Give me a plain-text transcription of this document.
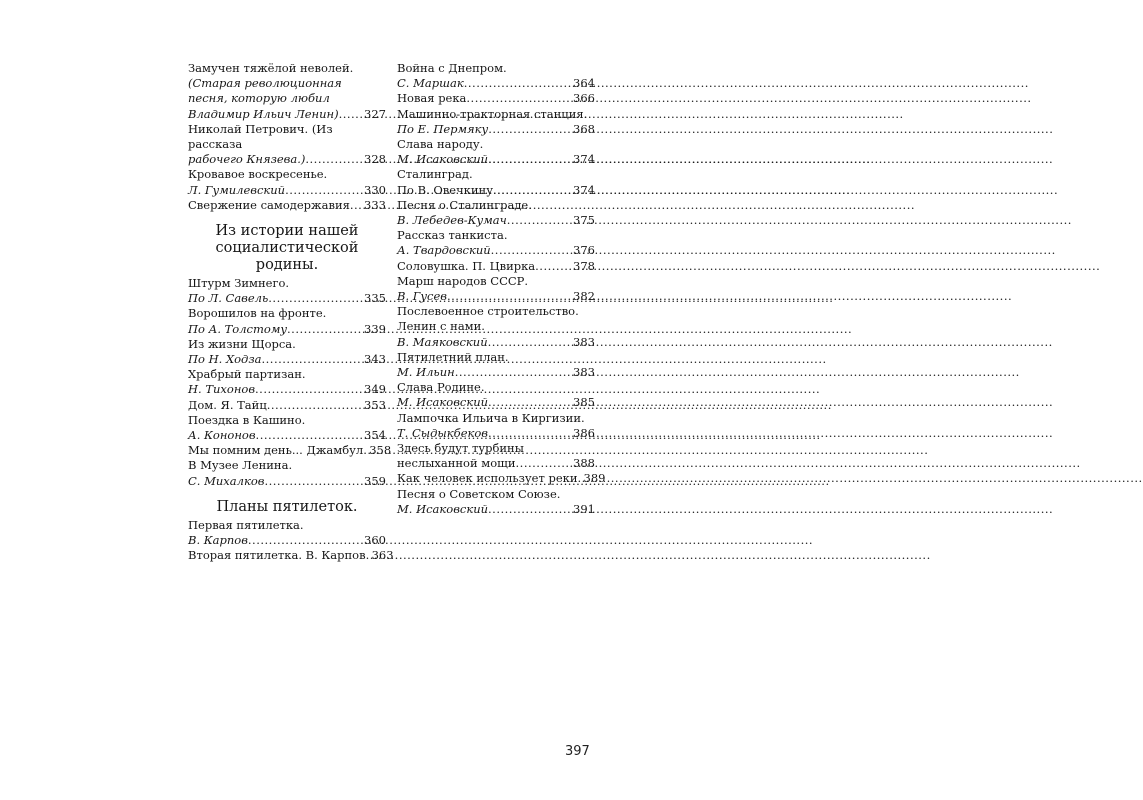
Замучен тяжёлой неволей.
(Старая революционная
песня, которую любил
Владимир Ильич Ленин) ..... 327
Николай Петрович. (Из рассказа
рабочего Князева.) .....	328
Кровавое воскресенье.
Л. Гумилевский .....	330
Свержение самодержавия ..... 333
Из истории нашей
социалистической родины.
Штурм Зимнего.
По Л. Савель .....	335
Ворошилов на фронте.
По А. Толстому .....	339
Из жизни Щорса.
По Н. Ходза .....	343
Храбрый партизан.
Н. Тихонов .....	349
Дом. Я. Тайц .....	353
Поездка в Кашино.
А. Кононов .....	354
Мы помним день... Джамбул ..... 358
В Музее Ленина.
С. Михалков .....	359
Планы пятилеток.
Первая пятилетка.
В. Карпов .....	360
Вторая пятилетка. В. Карпов ..... 363
Война с Днепром.
С. Маршак .....	364
Новая река .....	366
Машинно-тракторная станция.
По Е. Пермяку .....	368
Слава народу.
М. Исаковский .....	374
Сталинград.
По В. Овечкину .....	374
Песня о Сталинграде.
В. Лебедев-Кумач .....	375
Рассказ танкиста.
А. Твардовский .....	376
Соловушка. П. Цвирка .....	378
Марш народов СССР.
В. Гусев .....	382
Послевоенное строительство.
Ленин с нами.
В. Маяковский .....	383
Пятилетний план.
М. Ильин .....	383
Слава Родине.
М. Исаковский .....	385
Лампочка Ильича в Киргизии.
Т. Сыдыкбеков .....	386
Здесь будут турбины
неслыханной мощи .....	388
Как человек использует реки ..... 389
Песня о Советском Союзе.
М. Исаковский .....	391
397
